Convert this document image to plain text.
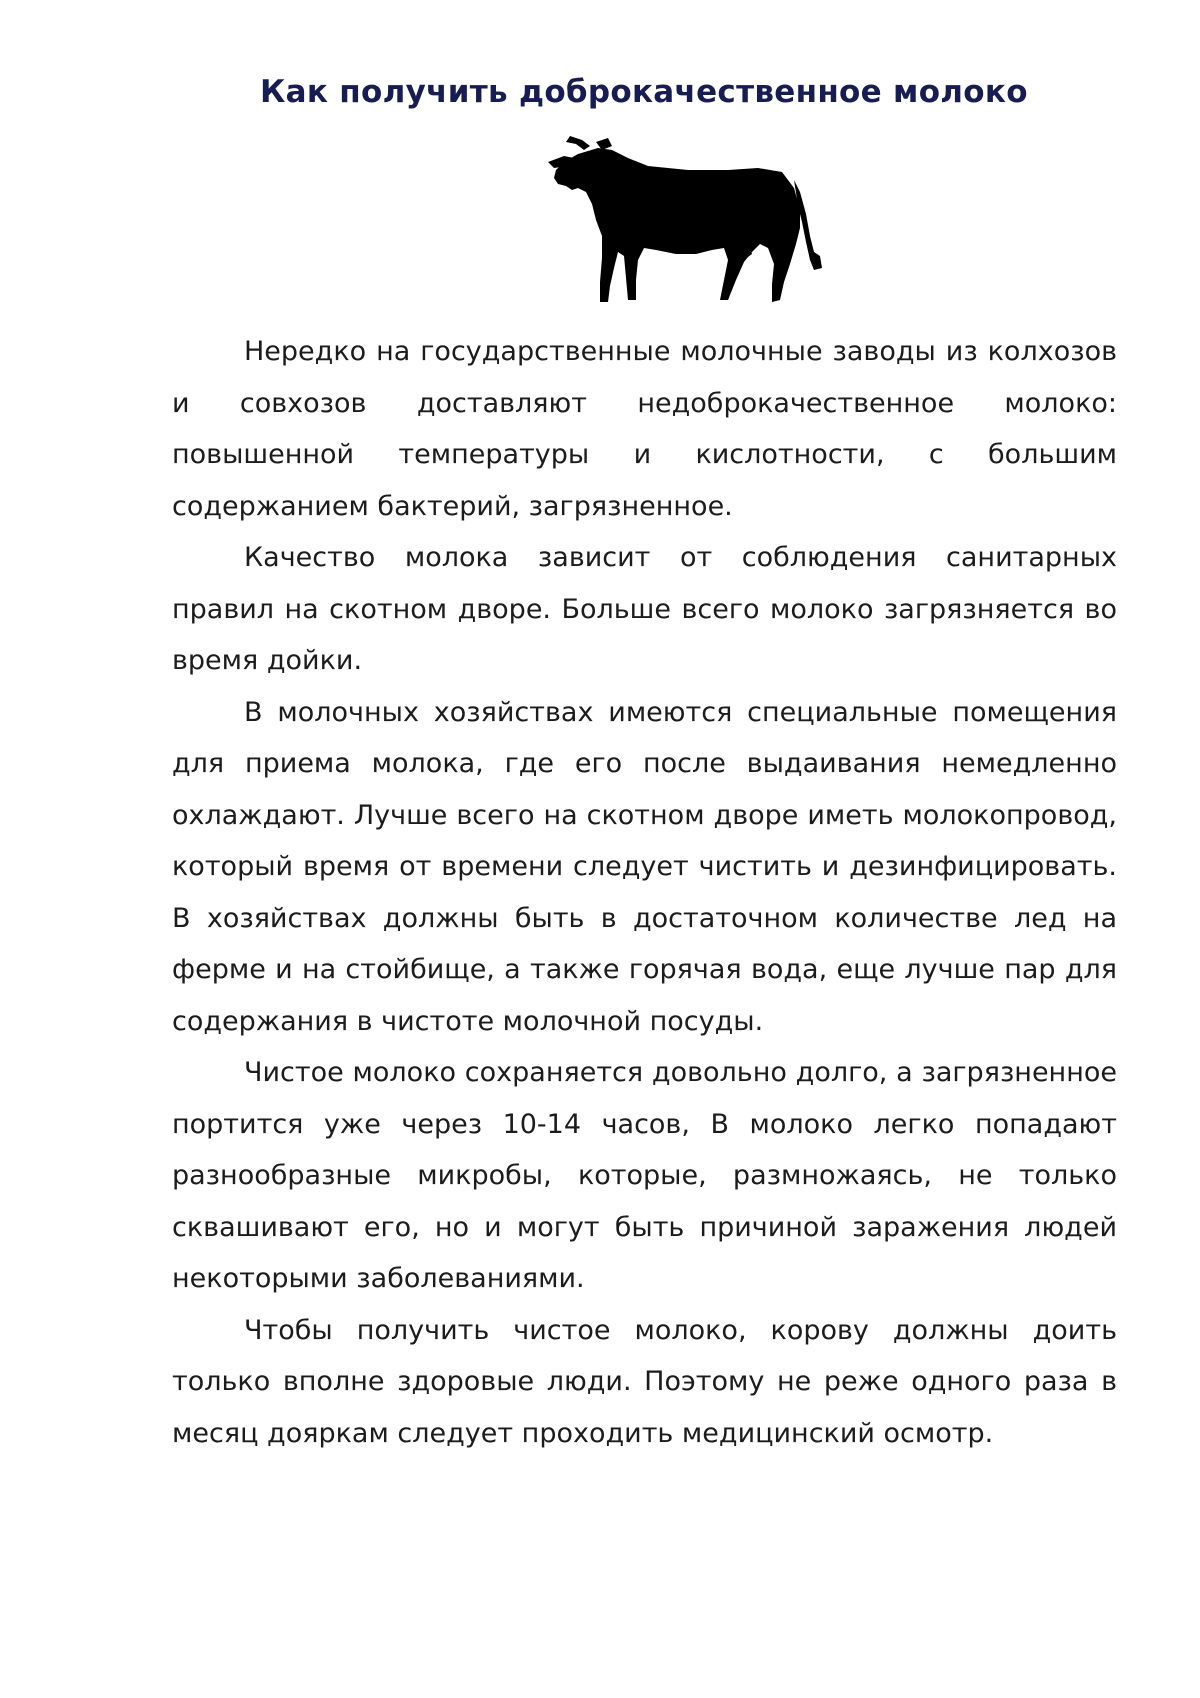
Как получить доброкачественное молоко

Нередко на государственные молочные заводы из колхозов и совхозов доставляют недоброкачественное молоко: повышенной температуры и кислотности, с большим содержанием бактерий, загрязненное.

Качество молока зависит от соблюдения санитарных правил на скотном дворе. Больше всего молоко загрязняется во время дойки.

В молочных хозяйствах имеются специальные помещения для приема молока, где его после выдаивания немедленно охлаждают. Лучше всего на скотном дворе иметь молокопровод, который время от времени следует чистить и дезинфицировать. В хозяйствах должны быть в достаточном количестве лед на ферме и на стойбище, а также горячая вода, еще лучше пар для содержания в чистоте молочной посуды.

Чистое молоко сохраняется довольно долго, а загрязненное портится уже через 10-14 часов, В молоко легко попадают разнообразные микробы, которые, размножаясь, не только сквашивают его, но и могут быть причиной заражения людей некоторыми заболеваниями.

Чтобы получить чистое молоко, корову должны доить только вполне здоровые люди. Поэтому не реже одного раза в месяц дояркам следует проходить медицинский осмотр.
